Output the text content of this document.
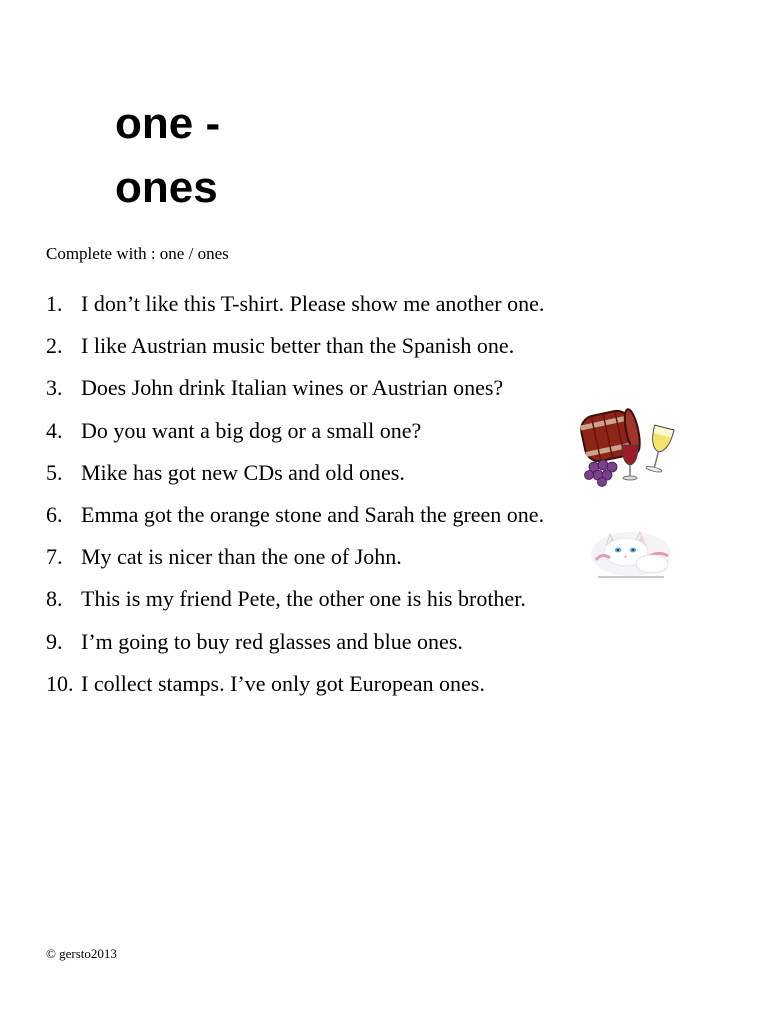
one -
ones

Complete with : one / ones

1. I don’t like this T-shirt. Please show me another one.
2. I like Austrian music better than the Spanish one.
3. Does John drink Italian wines or Austrian ones?
4. Do you want a big dog or a small one?
5. Mike has got new CDs and old ones.
6. Emma got the orange stone and Sarah the green one.
7. My cat is nicer than the one of John.
8. This is my friend Pete, the other one is his brother.
9. I’m going to buy red glasses and blue ones.
10. I collect stamps. I’ve only got European ones.

© gersto2013
